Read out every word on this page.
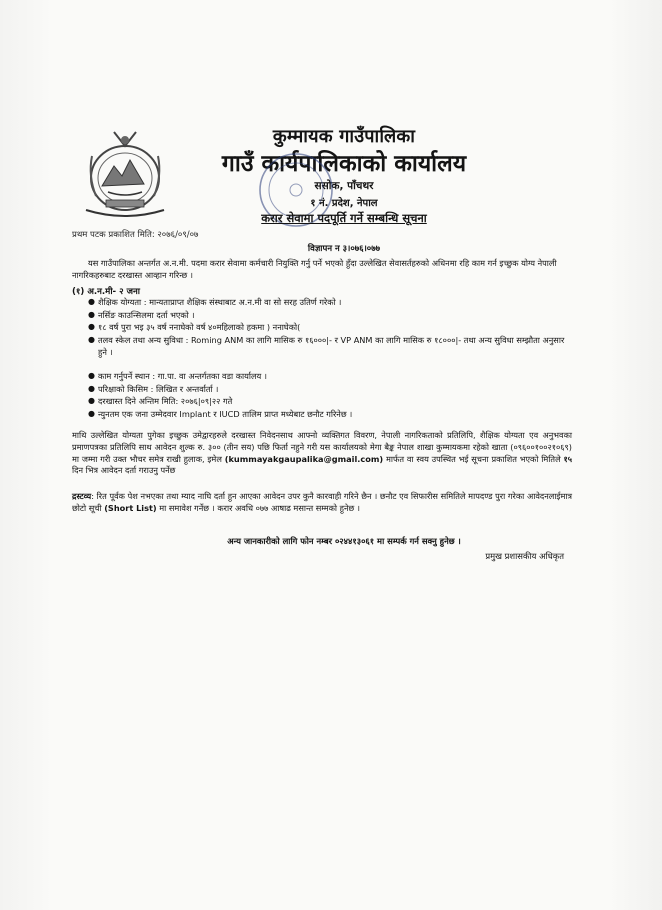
कुम्मायक गाउँपालिका
गाउँ कार्यपालिकाको कार्यालय
ससोक, पाँचथर
१ नं. प्रदेश, नेपाल
करार सेवामा पदपूर्ति गर्ने सम्बन्धि सूचना
प्रथम पटक प्रकाशित मिति: २०७६/०९/०७
विज्ञापन न ३।०७६।०७७
यस गाउँपालिका अन्तर्गत अ.न.मी. पदमा करार सेवामा कर्मचारी नियुक्ति गर्नु पर्ने भएको हुँदा उल्लेखित सेवासर्तहरुको अधिनमा रहि काम गर्न इच्छुक योग्य नेपाली नागरिकहरुबाट दरखास्त आव्हान गरिन्छ ।
(१) अ.न.मी- २ जना
● शैक्षिक योग्यता : मान्यताप्राप्त शैक्षिक संस्थाबाट अ.न.मी वा सो सरह उतिर्ण गरेको ।
● नर्सिङ काउन्सिलमा दर्ता भएको ।
● १८ वर्ष पुरा भइ ३५ वर्ष ननाघेको वर्ष ४०महिलाको हकमा ) ननाघेको(
● तलव स्केल तथा अन्य सुविधा : Roming ANM का लागि मासिक रु १६०००|- र VP ANM का लागि मासिक रु १८०००|- तथा अन्य सुविधा सम्झौता अनुसार हुने ।
● काम गर्नुपर्ने स्थान : गा.पा. वा अन्तर्गतका वडा कार्यालय ।
● परिक्षाको किसिम : लिखित र अन्तर्वार्ता ।
● दरखास्त दिने अन्तिम मिति: २०७६|०९|२२ गते
● न्युनतम एक जना उम्मेदवार Implant र IUCD तालिम प्राप्त मध्येबाट छनौट गरिनेछ ।
माथि उल्लेखित योग्यता पुगेका इच्छुक उमेद्वारहरुले दरखास्त निवेदनसाथ आफ्नो व्यक्तिगत विवरण, नेपाली नागरिकताको प्रतिलिपि, शैक्षिक योग्यता एव अनुभवका प्रमाणपत्रका प्रतिलिपि साथ आवेदन शुल्क रु. ३०० (तीन सय) पछि फिर्ता नहुने गरी यस कार्यालयको मेगा बैङ्क नेपाल शाखा कुम्मायकमा रहेको खाता (०९६००१००२१०६९) मा जम्मा गरी उक्त भौचर समेत्र राखी हुलाक, इमेल (kummayakgaupalika@gmail.com) मार्फत वा स्वय उपस्थित भई सूचना प्रकाशित भएको मितिले १५ दिन भित्र आवेदन दर्ता गराउनु पर्नेछ
द्रस्टव्य: रित पूर्वक पेश नभएका तथा म्याद नाघि दर्ता हुन आएका आवेदन उपर कुनै कारवाही गरिने छैन । छनौट एव सिफारीस समितिले मापदण्ड पुरा गरेका आवेदनलाईमात्र छोटो सूची (Short List) मा समावेश गर्नेछ । करार अवधि ०७७ आषाढ मसान्त सम्मको हुनेछ ।
अन्य जानकारीको लागि फोन नम्बर ०२४४१३०६१ मा सम्पर्क गर्न सक्नु हुनेछ ।
प्रमुख प्रशासकीय अधिकृत
